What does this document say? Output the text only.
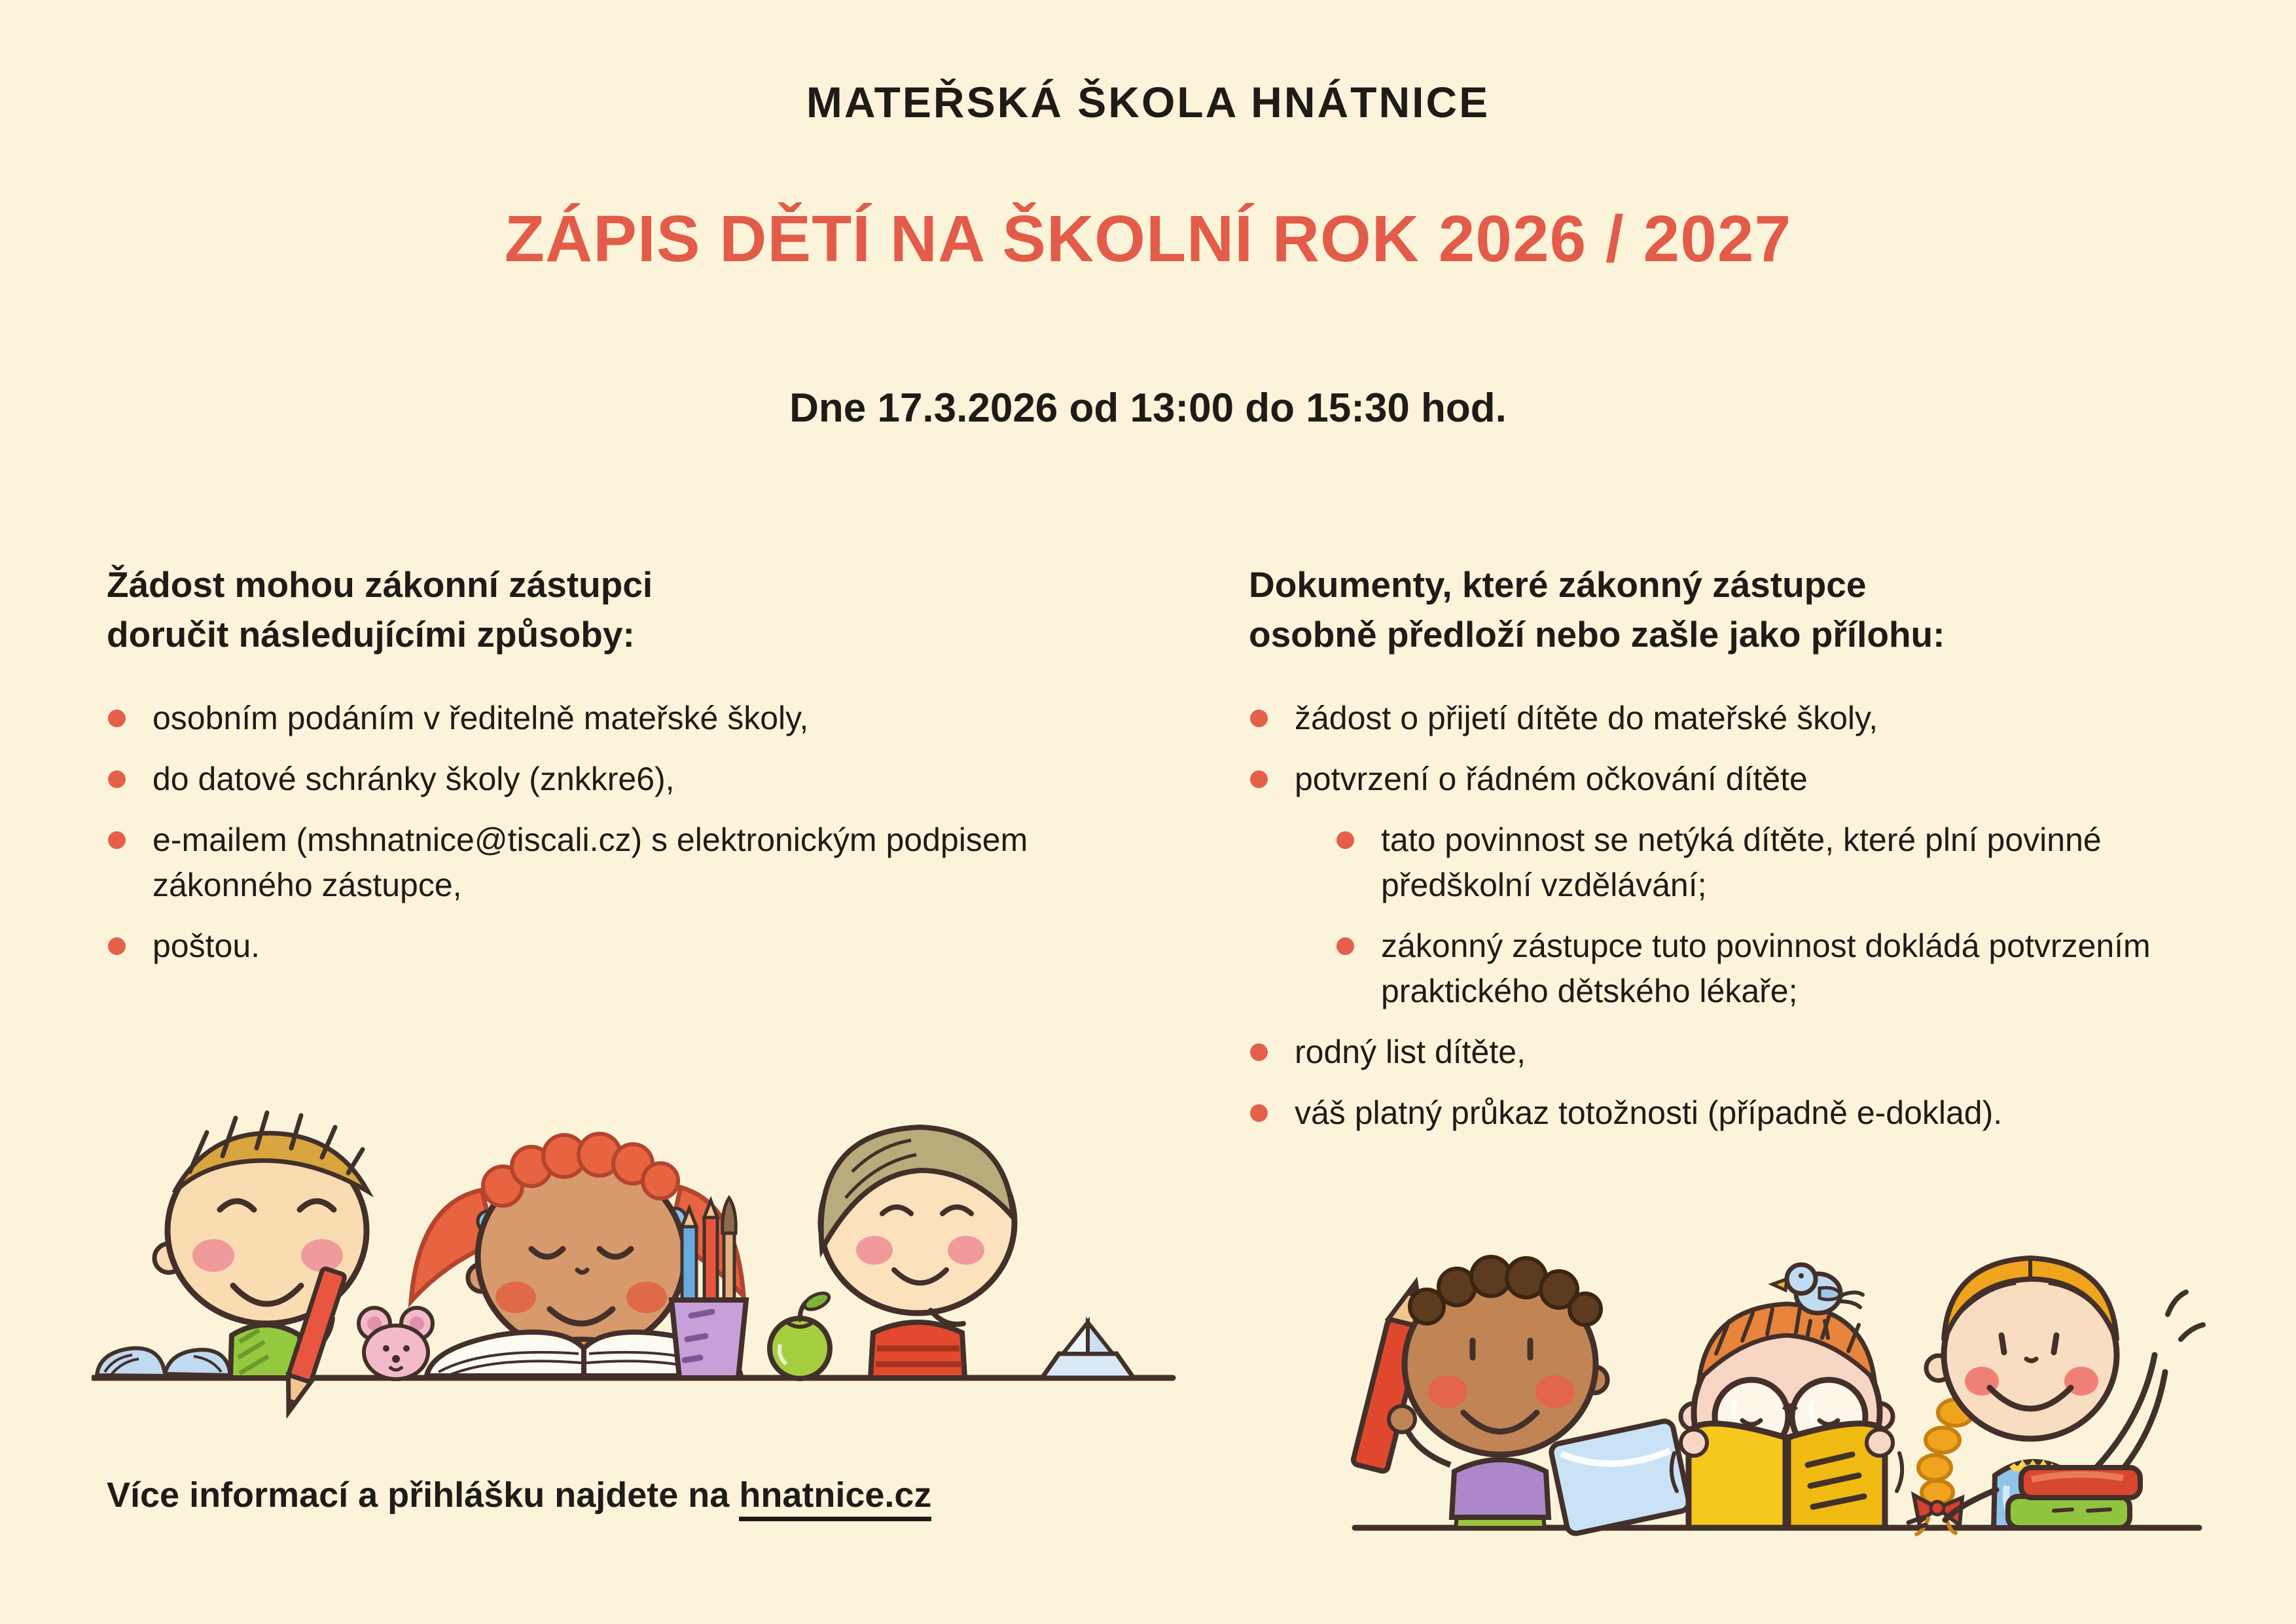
MATEŘSKÁ ŠKOLA HNÁTNICE
ZÁPIS DĚTÍ NA ŠKOLNÍ ROK 2026 / 2027

Dne 17.3.2026 od 13:00 do 15:30 hod.

Žádost mohou zákonní zástupci
doručit následujícími způsoby:
osobním podáním v ředitelně mateřské školy,
do datové schránky školy (znkkre6),
e-mailem (mshnatnice@tiscali.cz) s elektronickým podpisem
zákonného zástupce,
poštou.
Dokumenty, které zákonný zástupce
osobně předloží nebo zašle jako přílohu:
žádost o přijetí dítěte do mateřské školy,
potvrzení o řádném očkování dítěte
tato povinnost se netýká dítěte, které plní povinné
předškolní vzdělávání;
zákonný zástupce tuto povinnost dokládá potvrzením
praktického dětského lékaře;
rodný list dítěte,
váš platný průkaz totožnosti (případně e-doklad).

Více informací a přihlášku najdete na hnatnice.cz
